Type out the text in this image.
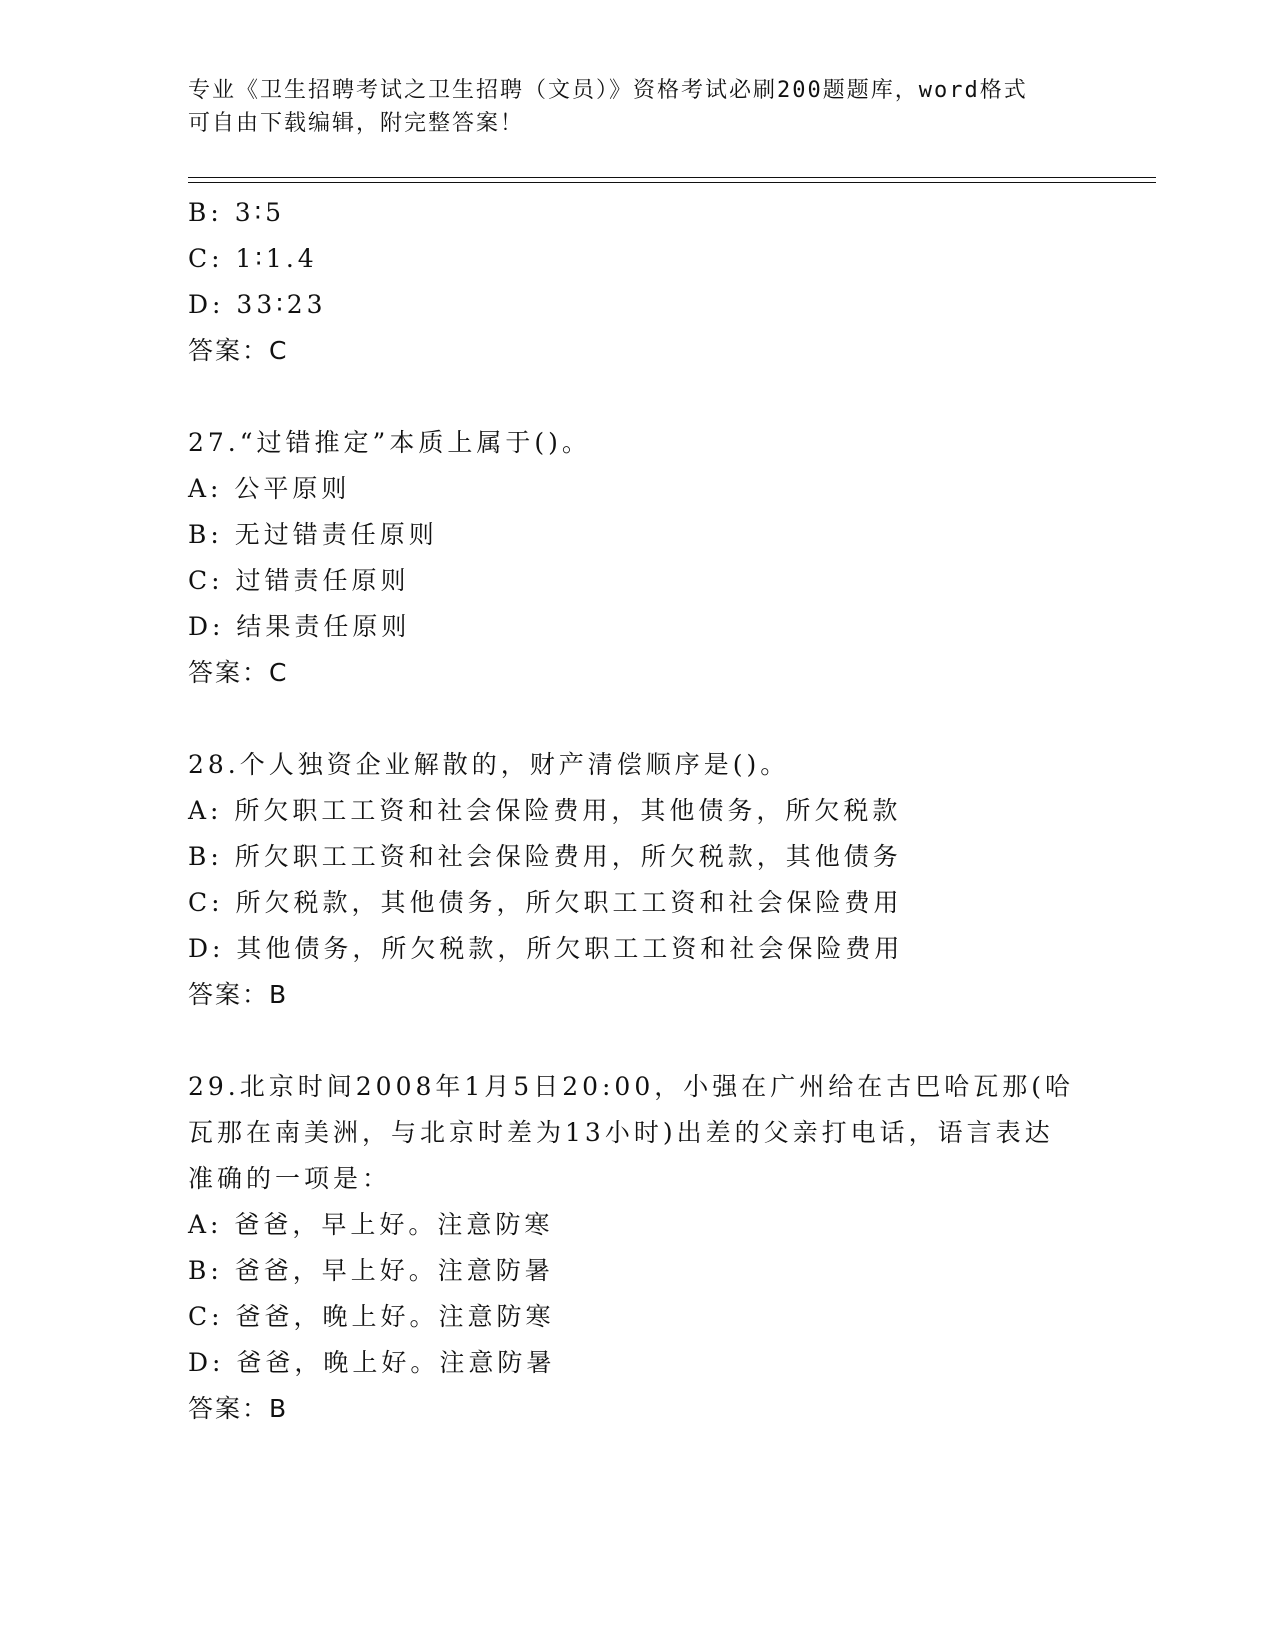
专业《卫生招聘考试之卫生招聘（文员）》资格考试必刷200题题库，word格式
可自由下载编辑，附完整答案！
B: 3∶5
C: 1∶1.4
D: 33∶23
答案：C
27.“过错推定”本质上属于()。
A: 公平原则
B: 无过错责任原则
C: 过错责任原则
D: 结果责任原则
答案：C
28.个人独资企业解散的，财产清偿顺序是()。
A: 所欠职工工资和社会保险费用，其他债务，所欠税款
B: 所欠职工工资和社会保险费用，所欠税款，其他债务
C: 所欠税款，其他债务，所欠职工工资和社会保险费用
D: 其他债务，所欠税款，所欠职工工资和社会保险费用
答案：B
29.北京时间2008年1月5日20:00，小强在广州给在古巴哈瓦那(哈
瓦那在南美洲，与北京时差为13小时)出差的父亲打电话，语言表达
准确的一项是：
A: 爸爸，早上好。注意防寒
B: 爸爸，早上好。注意防暑
C: 爸爸，晚上好。注意防寒
D: 爸爸，晚上好。注意防暑
答案：B
